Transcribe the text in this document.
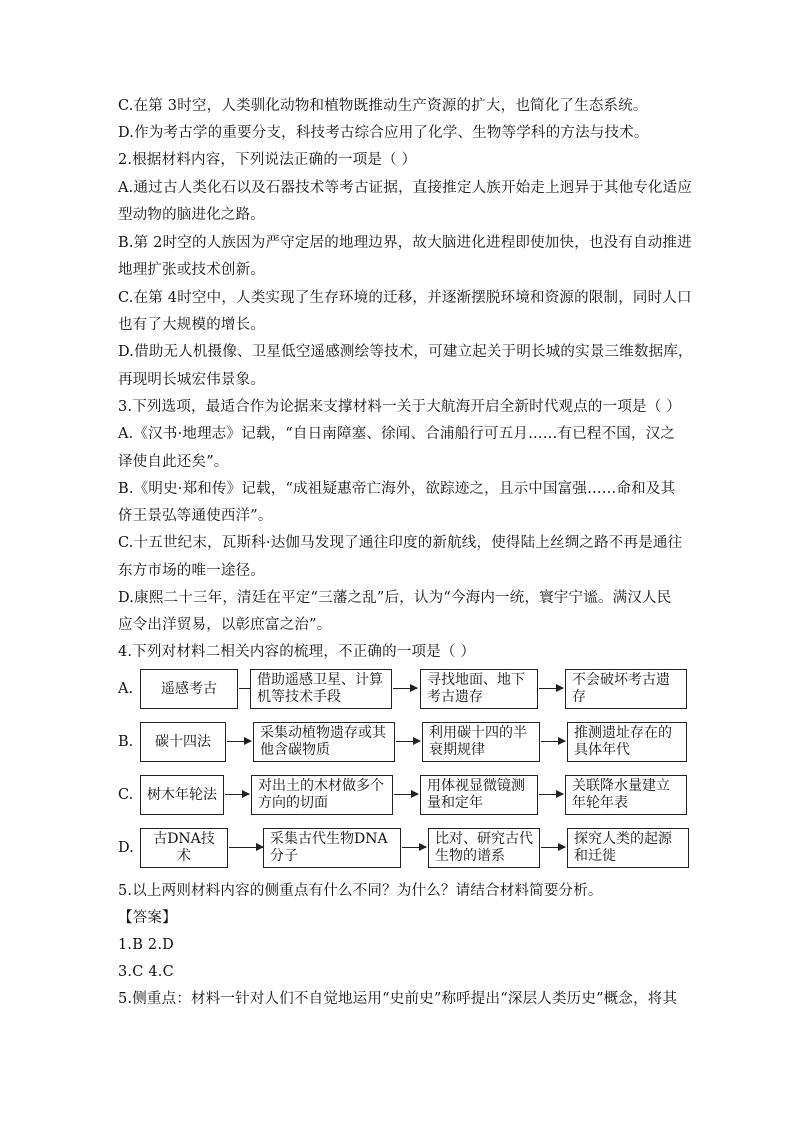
C.在第 3时空，人类驯化动物和植物既推动生产资源的扩大，也简化了生态系统。
D.作为考古学的重要分支，科技考古综合应用了化学、生物等学科的方法与技术。
2.根据材料内容，下列说法正确的一项是（ ）
A.通过古人类化石以及石器技术等考古证据，直接推定人族开始走上迥异于其他专化适应
型动物的脑进化之路。
B.第 2时空的人族因为严守定居的地理边界，故大脑进化进程即使加快，也没有自动推进
地理扩张或技术创新。
C.在第 4时空中，人类实现了生存环境的迁移，并逐渐摆脱环境和资源的限制，同时人口
也有了大规模的增长。
D.借助无人机摄像、卫星低空遥感测绘等技术，可建立起关于明长城的实景三维数据库，
再现明长城宏伟景象。
3.下列选项，最适合作为论据来支撑材料一关于大航海开启全新时代观点的一项是（ ）
A.《汉书·地理志》记载，“自日南障塞、徐闻、合浦船行可五月……有已程不国，汉之
译使自此还矣”。
B.《明史·郑和传》记载，“成祖疑惠帝亡海外，欲踪迹之，且示中国富强……命和及其
侪王景弘等通使西洋”。
C.十五世纪末，瓦斯科·达伽马发现了通往印度的新航线，使得陆上丝绸之路不再是通往
东方市场的唯一途径。
D.康熙二十三年，清廷在平定“三藩之乱”后，认为“今海内一统，寰宇宁谧。满汉人民
应令出洋贸易，以彰庶富之治”。
4.下列对材料二相关内容的梳理，不正确的一项是（ ）
A.	遥感考古
借助遥感卫星、计算机等技术手段
寻找地面、地下考古遗存
不会破坏考古遗存
B.	碳十四法
采集动植物遗存或其他含碳物质
利用碳十四的半衰期规律
推测遗址存在的具体年代
C. 树木年轮法
对出土的木材做多个方向的切面
用体视显微镜测量和定年
关联降水量建立年轮年表
D.
古DNA技术
采集古代生物DNA分子
比对、研究古代生物的谱系
探究人类的起源和迁徙
5.以上两则材料内容的侧重点有什么不同？为什么？请结合材料简要分析。
【答案】
1.B 2.D
3.C 4.C
5.侧重点：材料一针对人们不自觉地运用“史前史”称呼提出“深层人类历史”概念，将其
